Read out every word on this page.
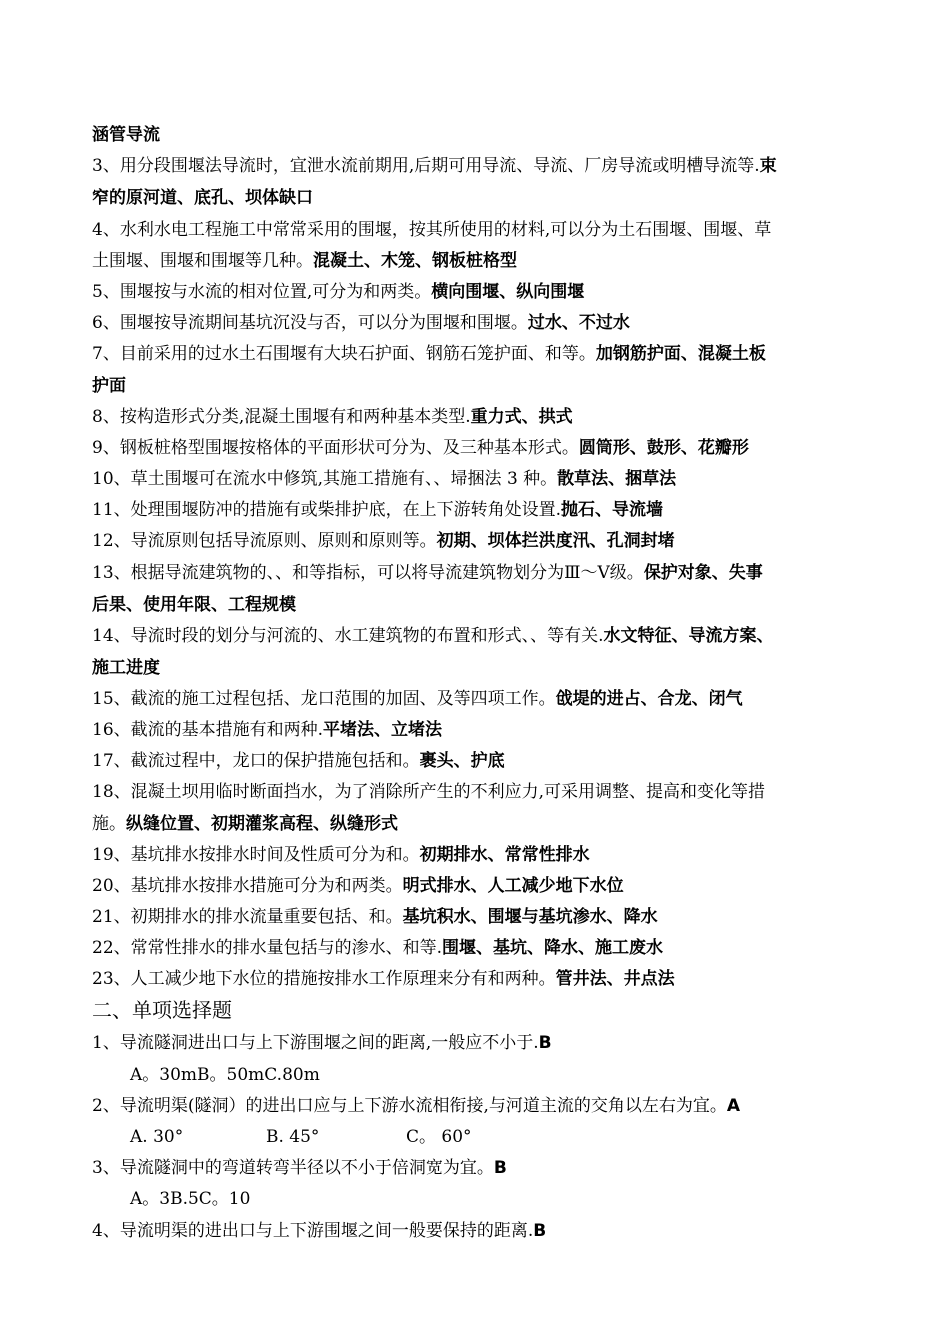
涵管导流
3、用分段围堰法导流时，宜泄水流前期用,后期可用导流、导流、厂房导流或明槽导流等.束
窄的原河道、底孔、坝体缺口
4、水利水电工程施工中常常采用的围堰，按其所使用的材料,可以分为土石围堰、围堰、草
土围堰、围堰和围堰等几种。混凝土、木笼、钢板桩格型
5、围堰按与水流的相对位置,可分为和两类。横向围堰、纵向围堰
6、围堰按导流期间基坑沉没与否，可以分为围堰和围堰。过水、不过水
7、目前采用的过水土石围堰有大块石护面、钢筋石笼护面、和等。加钢筋护面、混凝土板
护面
8、按构造形式分类,混凝土围堰有和两种基本类型.重力式、拱式
9、钢板桩格型围堰按格体的平面形状可分为、及三种基本形式。圆筒形、鼓形、花瓣形
10、草土围堰可在流水中修筑,其施工措施有、、埽捆法 3 种。散草法、捆草法
11、处理围堰防冲的措施有或柴排护底，在上下游转角处设置.抛石、导流墙
12、导流原则包括导流原则、原则和原则等。初期、坝体拦洪度汛、孔洞封堵
13、根据导流建筑物的、、和等指标，可以将导流建筑物划分为Ⅲ～Ⅴ级。保护对象、失事
后果、使用年限、工程规模
14、导流时段的划分与河流的、水工建筑物的布置和形式、、等有关.水文特征、导流方案、
施工进度
15、截流的施工过程包括、龙口范围的加固、及等四项工作。戗堤的进占、合龙、闭气
16、截流的基本措施有和两种.平堵法、立堵法
17、截流过程中，龙口的保护措施包括和。裹头、护底
18、混凝土坝用临时断面挡水，为了消除所产生的不利应力,可采用调整、提高和变化等措
施。纵缝位置、初期灌浆高程、纵缝形式
19、基坑排水按排水时间及性质可分为和。初期排水、常常性排水
20、基坑排水按排水措施可分为和两类。明式排水、人工减少地下水位
21、初期排水的排水流量重要包括、和。基坑积水、围堰与基坑渗水、降水
22、常常性排水的排水量包括与的渗水、和等.围堰、基坑、降水、施工废水
23、人工减少地下水位的措施按排水工作原理来分有和两种。管井法、井点法
二、单项选择题
1、导流隧洞进出口与上下游围堰之间的距离,一般应不小于.B
A。30mB。50mC.80m
2、导流明渠(隧洞）的进出口应与上下游水流相衔接,与河道主流的交角以左右为宜。A
A. 30°	B. 45°	C。 60°
3、导流隧洞中的弯道转弯半径以不小于倍洞宽为宜。B
A。3B.5C。10
4、导流明渠的进出口与上下游围堰之间一般要保持的距离.B
